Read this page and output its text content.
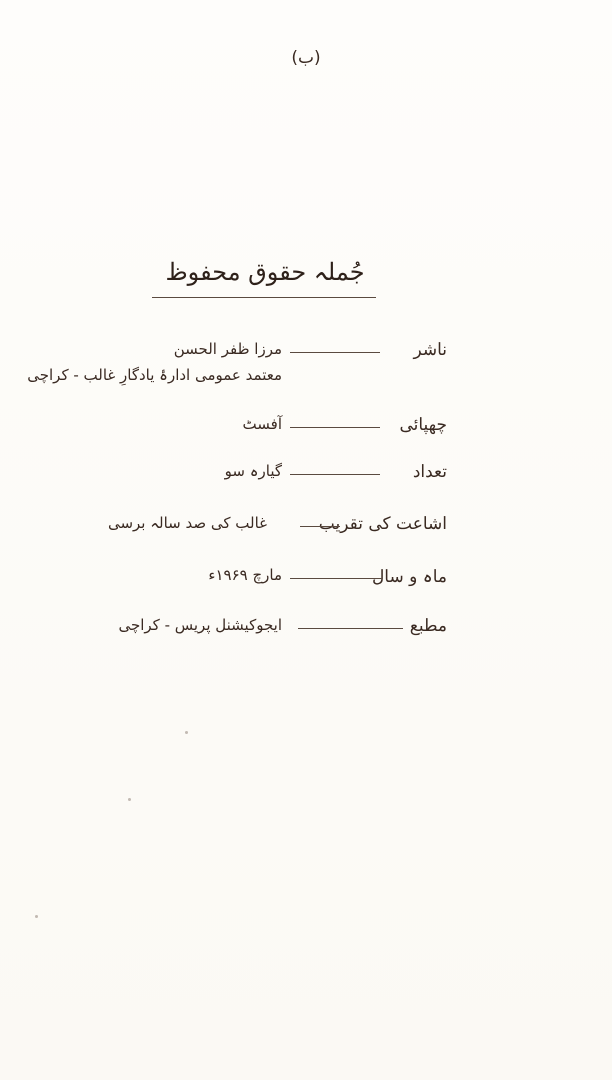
(ب)
جُملہ حقوق محفوظ
ناشر
مرزا ظفر الحسن
معتمد عمومی ادارۂ یادگارِ غالب - کراچی
چھپائی
آفسٹ
تعداد
گیارہ سو
اشاعت کی تقریب
غالب کی صد سالہ برسی
ماہ و سال
مارچ ۱۹۶۹ء
مطبع
ایجوکیشنل پریس - کراچی
